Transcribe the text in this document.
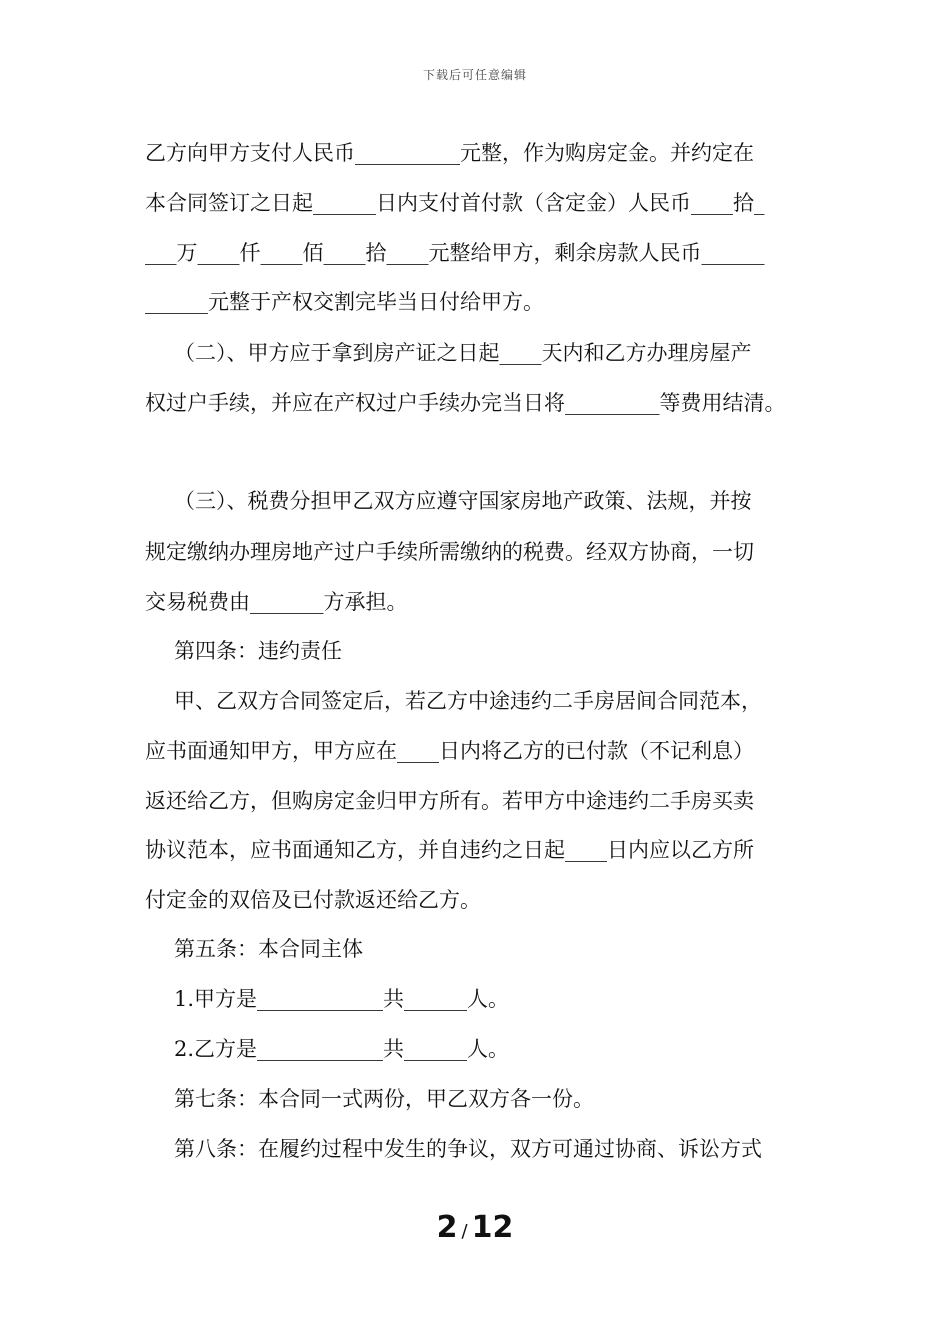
下载后可任意编辑
乙方向甲方支付人民币__________元整，作为购房定金。并约定在
本合同签订之日起______日内支付首付款（含定金）人民币____拾_
___万____仟____佰____拾____元整给甲方，剩余房款人民币______
______元整于产权交割完毕当日付给甲方。
（二）、甲方应于拿到房产证之日起____天内和乙方办理房屋产
权过户手续，并应在产权过户手续办完当日将_________等费用结清。
（三）、税费分担甲乙双方应遵守国家房地产政策、法规，并按
规定缴纳办理房地产过户手续所需缴纳的税费。经双方协商，一切
交易税费由_______方承担。
第四条：违约责任
甲、乙双方合同签定后，若乙方中途违约二手房居间合同范本，
应书面通知甲方，甲方应在____日内将乙方的已付款（不记利息）
返还给乙方，但购房定金归甲方所有。若甲方中途违约二手房买卖
协议范本，应书面通知乙方，并自违约之日起____日内应以乙方所
付定金的双倍及已付款返还给乙方。
第五条：本合同主体
1.甲方是____________共______人。
2.乙方是____________共______人。
第七条：本合同一式两份，甲乙双方各一份。
第八条：在履约过程中发生的争议，双方可通过协商、诉讼方式
2 / 12
